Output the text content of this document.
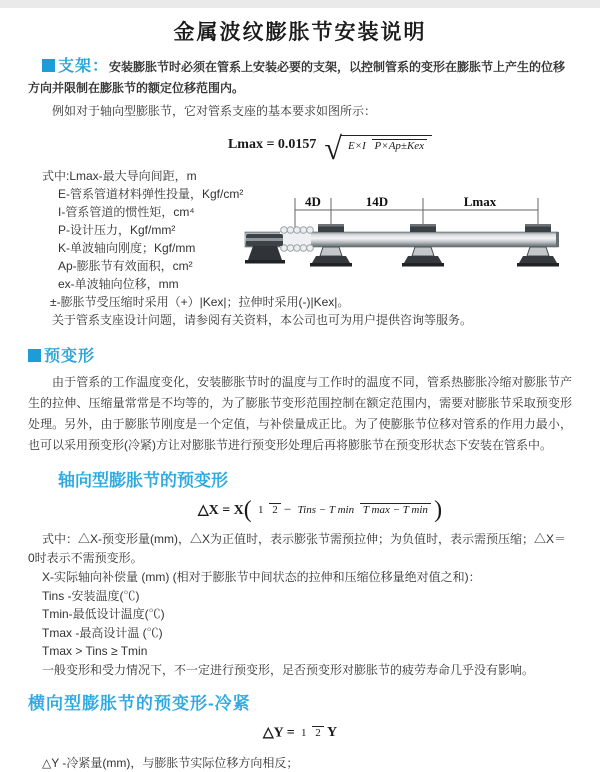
金属波纹膨胀节安装说明
支架：安装膨胀节时必须在管系上安装必要的支架，以控制管系的变形在膨胀节上产生的位移方向并限制在膨胀节的额定位移范围内。
例如对于轴向型膨胀节，它对管系支座的基本要求如图所示：
Lmax = 0.0157 √ E×I P×Ap±Kex
式中:Lmax-最大导向间距，m
E-管系管道材料弹性投量，Kgf/cm²
I-管系管道的惯性矩，cm⁴
P-设计压力，Kgf/mm²
K-单波轴向刚度；Kgf/mm
Ap-膨胀节有效面积，cm²
ex-单波轴向位移，mm
±-膨胀节受压缩时采用（+）|Kex|；拉伸时采用(-)|Kex|。
4D	14D	Lmax
关于管系支座设计问题，请参阅有关资料，本公司也可为用户提供咨询等服务。
预变形
由于管系的工作温度变化，安装膨胀节时的温度与工作时的温度不同，管系热膨胀冷缩对膨胀节产生的拉伸、压缩量常常是不均等的，为了膨胀节变形范围控制在额定范围内，需要对膨胀节采取预变形处理。另外，由于膨胀节刚度是一个定值，与补偿量成正比。为了使膨胀节位移对管系的作用力最小，也可以采用预变形(冷紧)方让对膨胀节进行预变形处理后再将膨胀节在预变形状态下安装在管系中。
轴向型膨胀节的预变形
△X = X( 1 2 − Tins − T min T max − T min )
式中：△X-预变形量(mm)，△X为正值时，表示膨张节需预拉伸；为负值时，表示需预压缩；△X＝0时表示不需预变形。
X-实际轴向补偿量 (mm) (相对于膨胀节中间状态的拉伸和压缩位移量绝对值之和)：
Tins -安装温度(℃)
Tmin-最低设计温度(℃)
Tmax -最高设计温 (℃)
Tmax > Tins ≥ Tmin
一般变形和受力情况下，不一定进行预变形，足否预变形对膨胀节的疲劳寿命几乎没有影响。
横向型膨胀节的预变形-冷紧
△Y = 1 2 Y
△Y -冷紧量(mm)，与膨胀节实际位移方向相反；
